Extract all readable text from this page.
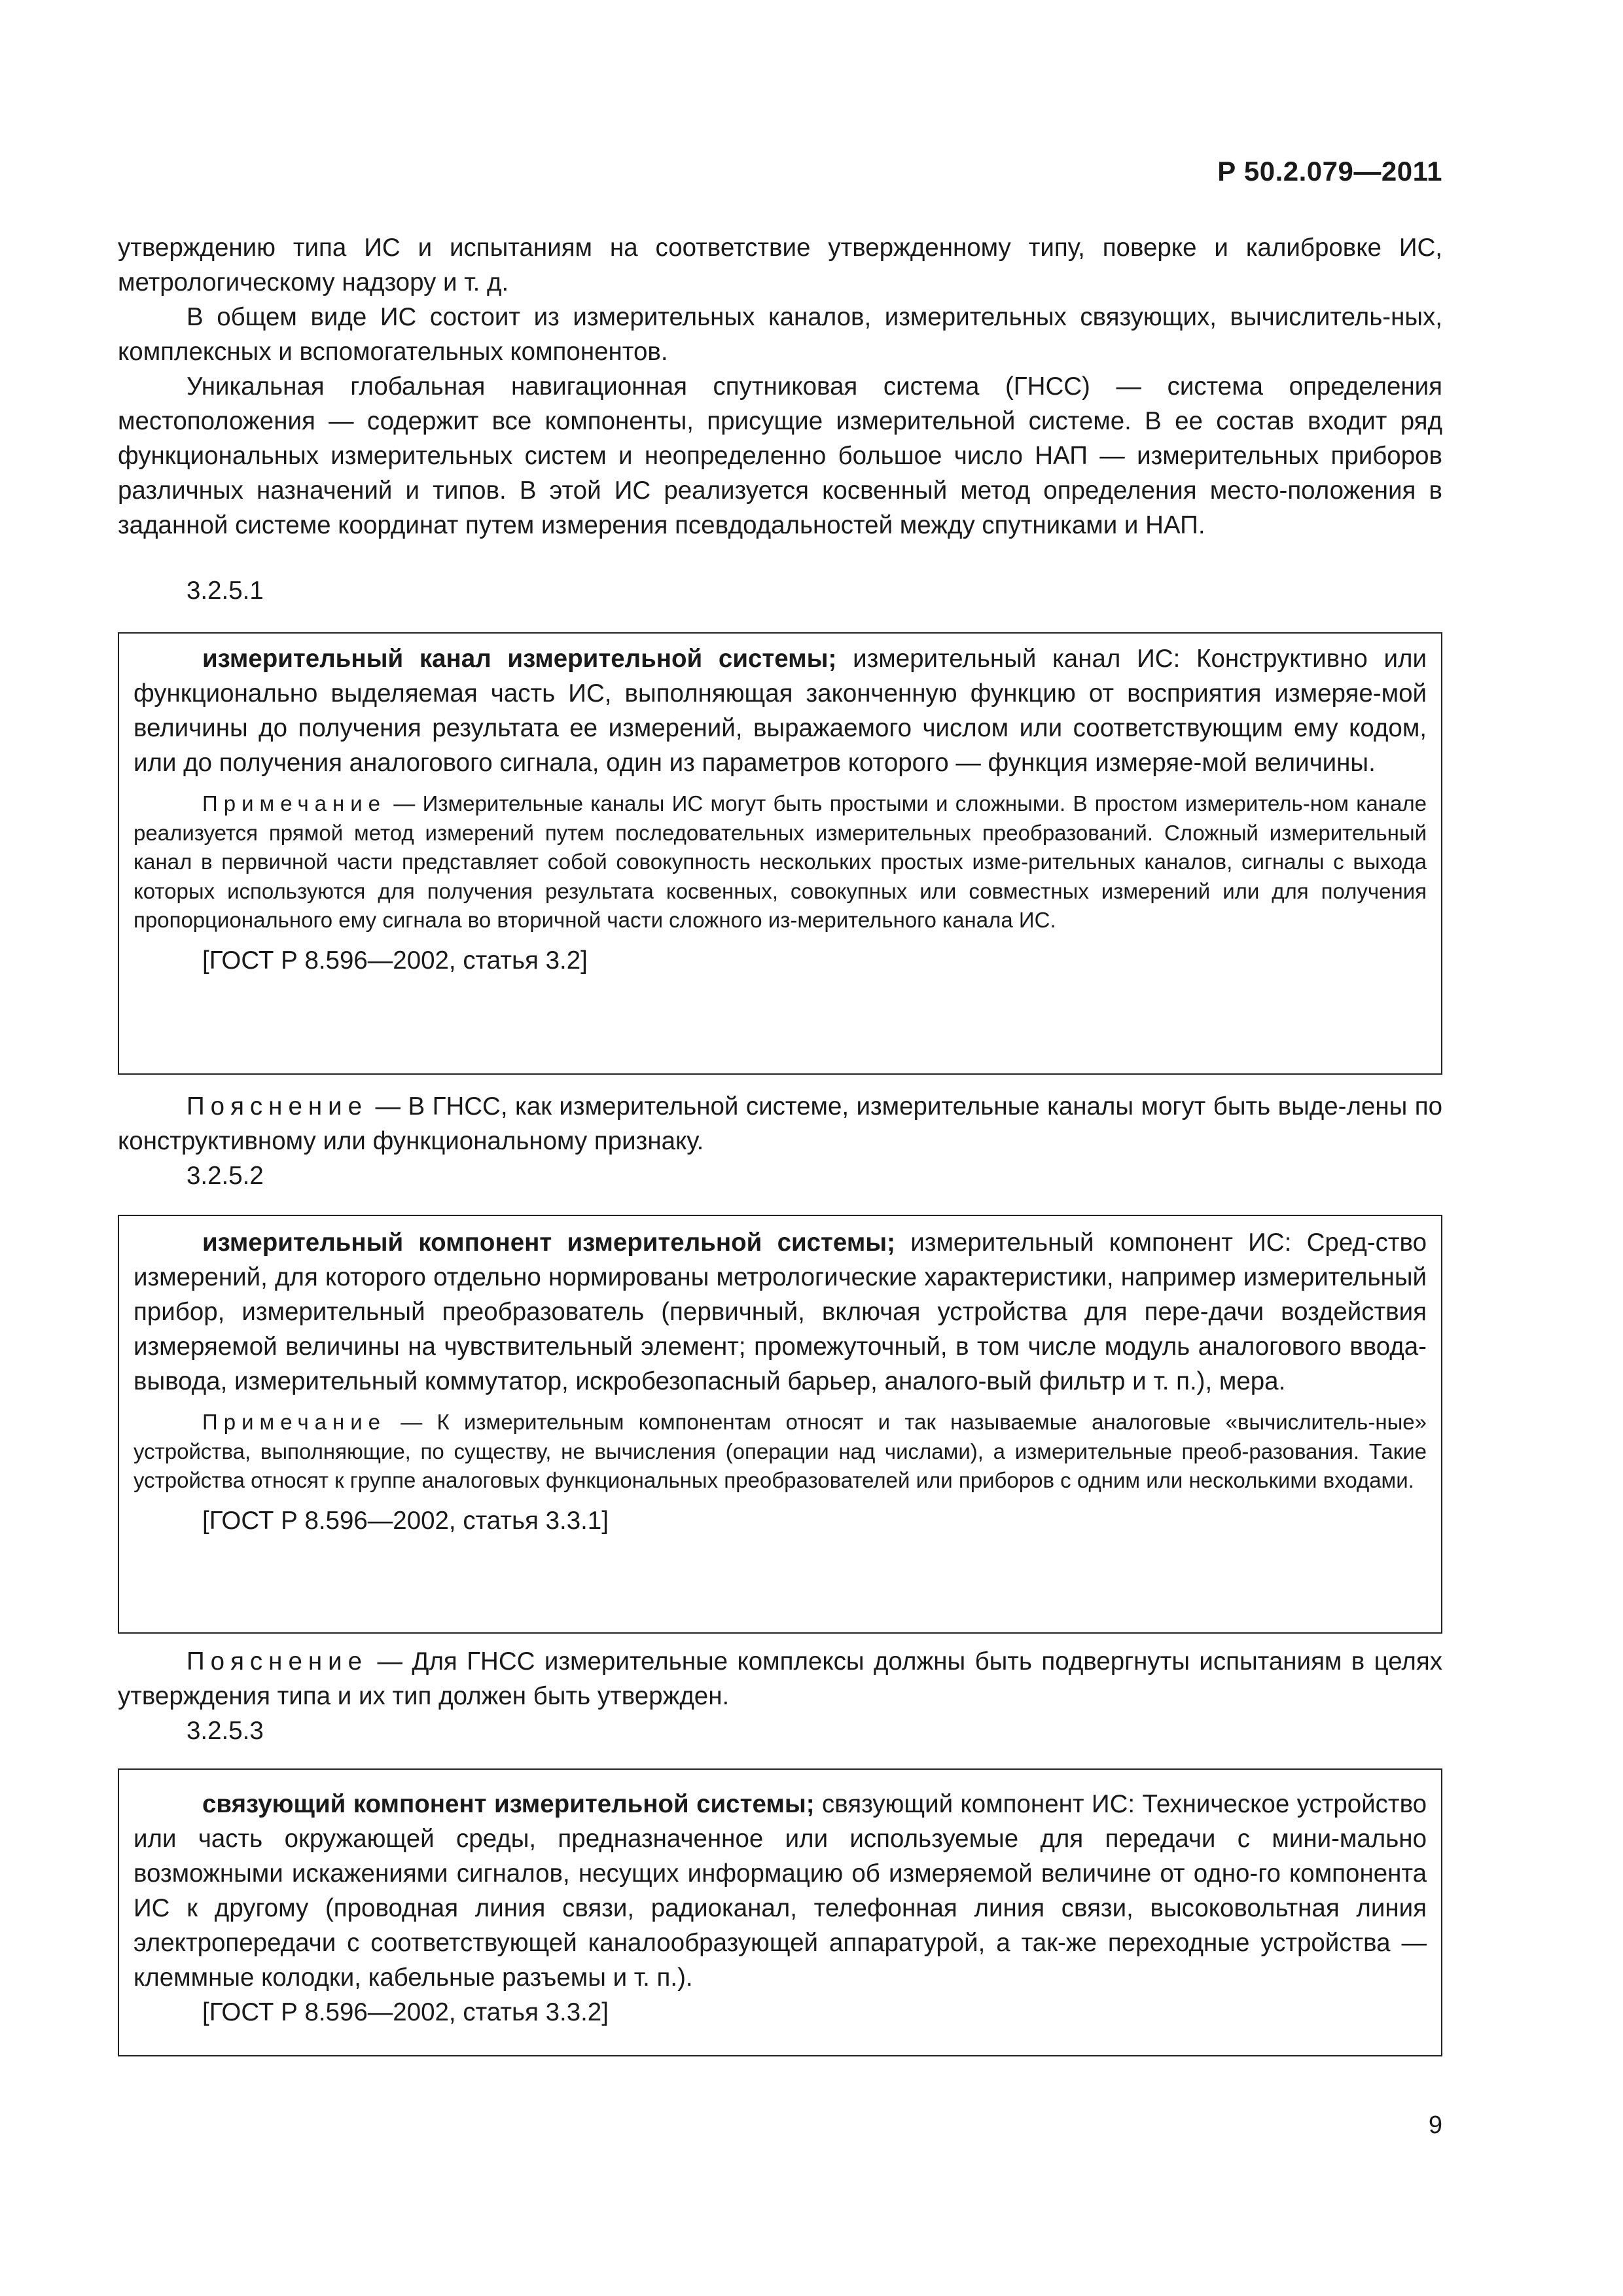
Р 50.2.079—2011

утверждению типа ИС и испытаниям на соответствие утвержденному типу, поверке и калибровке ИС, метрологическому надзору и т. д.

В общем виде ИС состоит из измерительных каналов, измерительных связующих, вычислитель-ных, комплексных и вспомогательных компонентов.

Уникальная глобальная навигационная спутниковая система (ГНСС) — система определения местоположения — содержит все компоненты, присущие измерительной системе. В ее состав входит ряд функциональных измерительных систем и неопределенно большое число НАП — измерительных приборов различных назначений и типов. В этой ИС реализуется косвенный метод определения место-положения в заданной системе координат путем измерения псевдодальностей между спутниками и НАП.

3.2.5.1

измерительный канал измерительной системы; измерительный канал ИС: Конструктивно или функционально выделяемая часть ИС, выполняющая законченную функцию от восприятия измеряе-мой величины до получения результата ее измерений, выражаемого числом или соответствующим ему кодом, или до получения аналогового сигнала, один из параметров которого — функция измеряе-мой величины.

Примечание — Измерительные каналы ИС могут быть простыми и сложными. В простом измеритель-ном канале реализуется прямой метод измерений путем последовательных измерительных преобразований. Сложный измерительный канал в первичной части представляет собой совокупность нескольких простых изме-рительных каналов, сигналы с выхода которых используются для получения результата косвенных, совокупных или совместных измерений или для получения пропорционального ему сигнала во вторичной части сложного из-мерительного канала ИС.

[ГОСТ Р 8.596—2002, статья 3.2]

Пояснение — В ГНСС, как измерительной системе, измерительные каналы могут быть выде-лены по конструктивному или функциональному признаку.

3.2.5.2

измерительный компонент измерительной системы; измерительный компонент ИС: Сред-ство измерений, для которого отдельно нормированы метрологические характеристики, например измерительный прибор, измерительный преобразователь (первичный, включая устройства для пере-дачи воздействия измеряемой величины на чувствительный элемент; промежуточный, в том числе модуль аналогового ввода-вывода, измерительный коммутатор, искробезопасный барьер, аналого-вый фильтр и т. п.), мера.

Примечание — К измерительным компонентам относят и так называемые аналоговые «вычислитель-ные» устройства, выполняющие, по существу, не вычисления (операции над числами), а измерительные преоб-разования. Такие устройства относят к группе аналоговых функциональных преобразователей или приборов с одним или несколькими входами.

[ГОСТ Р 8.596—2002, статья 3.3.1]

Пояснение — Для ГНСС измерительные комплексы должны быть подвергнуты испытаниям в целях утверждения типа и их тип должен быть утвержден.

3.2.5.3

связующий компонент измерительной системы; связующий компонент ИС: Техническое устройство или часть окружающей среды, предназначенное или используемые для передачи с мини-мально возможными искажениями сигналов, несущих информацию об измеряемой величине от одно-го компонента ИС к другому (проводная линия связи, радиоканал, телефонная линия связи, высоковольтная линия электропередачи с соответствующей каналообразующей аппаратурой, а так-же переходные устройства — клеммные колодки, кабельные разъемы и т. п.).

[ГОСТ Р 8.596—2002, статья 3.3.2]

9
